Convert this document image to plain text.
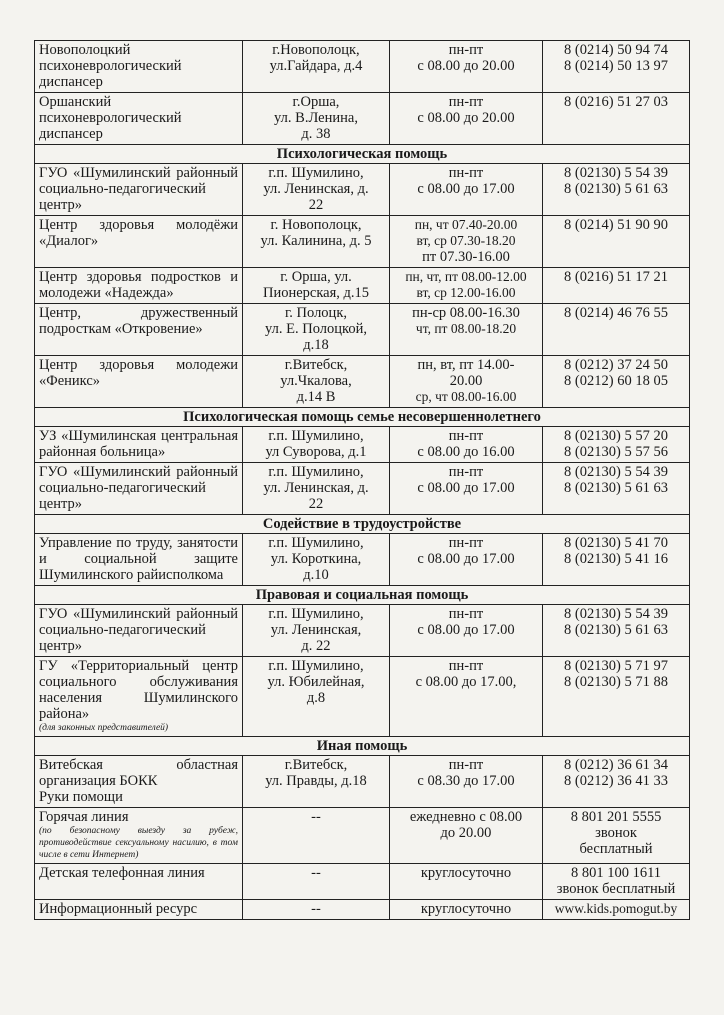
Новополоцкий психоневрологический диспансер	г.Новополоцк,
ул.Гайдара, д.4	пн-пт
с 08.00 до 20.00	8 (0214) 50 94 74
8 (0214) 50 13 97

Оршанский психоневрологический диспансер	г.Орша,
ул. В.Ленина,
д. 38	пн-пт
с 08.00 до 20.00	8 (0216) 51 27 03

Психологическая помощь			

ГУО «Шумилинский районный социально-педагогический центр»	г.п. Шумилино,
ул. Ленинская, д.
22	пн-пт
с 08.00 до 17.00	8 (02130) 5 54 39
8 (02130) 5 61 63

Центр здоровья молодёжи «Диалог»	г. Новополоцк,
ул. Калинина, д. 5	пн, чт 07.40-20.00
вт, ср 07.30-18.20
пт 07.30-16.00	8 (0214) 51 90 90

Центр здоровья подростков и молодежи «Надежда»	г. Орша, ул.
Пионерская, д.15	пн, чт, пт 08.00-12.00
вт, ср 12.00-16.00	8 (0216) 51 17 21

Центр, дружественный подросткам «Откровение»	г. Полоцк,
ул. Е. Полоцкой,
д.18	пн-ср 08.00-16.30
чт, пт 08.00-18.20	8 (0214) 46 76 55

Центр здоровья молодежи «Феникс»	г.Витебск,
ул.Чкалова,
д.14 В	пн, вт, пт 14.00-
20.00
ср, чт 08.00-16.00	8 (0212) 37 24 50
8 (0212) 60 18 05

Психологическая помощь семье несовершеннолетнего			

УЗ «Шумилинская центральная районная больница»	г.п. Шумилино,
ул Суворова, д.1	пн-пт
с 08.00 до 16.00	8 (02130) 5 57 20
8 (02130) 5 57 56

ГУО «Шумилинский районный социально-педагогический центр»	г.п. Шумилино,
ул. Ленинская, д.
22	пн-пт
с 08.00 до 17.00	8 (02130) 5 54 39
8 (02130) 5 61 63

Содействие в трудоустройстве			

Управление по труду, занятости и социальной защите Шумилинского райисполкома	г.п. Шумилино,
ул. Короткина,
д.10	пн-пт
с 08.00 до 17.00	8 (02130) 5 41 70
8 (02130) 5 41 16

Правовая и социальная помощь			

ГУО «Шумилинский районный социально-педагогический центр»	г.п. Шумилино,
ул. Ленинская,
д. 22	пн-пт
с 08.00 до 17.00	8 (02130) 5 54 39
8 (02130) 5 61 63

ГУ «Территориальный центр социального обслуживания населения Шумилинского района»
(для законных представителей)	г.п. Шумилино,
ул. Юбилейная,
д.8	пн-пт
с 08.00 до 17.00,	8 (02130) 5 71 97
8 (02130) 5 71 88

Иная помощь			

Витебская областная организация БОКК
Руки помощи	г.Витебск,
ул. Правды, д.18	пн-пт
с 08.30 до 17.00	8 (0212) 36 61 34
8 (0212) 36 41 33

Горячая линия
(по безопасному выезду за рубеж, противодействие сексуальному насилию, в том числе в сети Интернет)	--	ежедневно с 08.00
до 20.00	8 801 201 5555
звонок
бесплатный

Детская телефонная линия	--	круглосуточно	8 801 100 1611
звонок бесплатный

Информационный ресурс	--	круглосуточно	www.kids.pomogut.by
